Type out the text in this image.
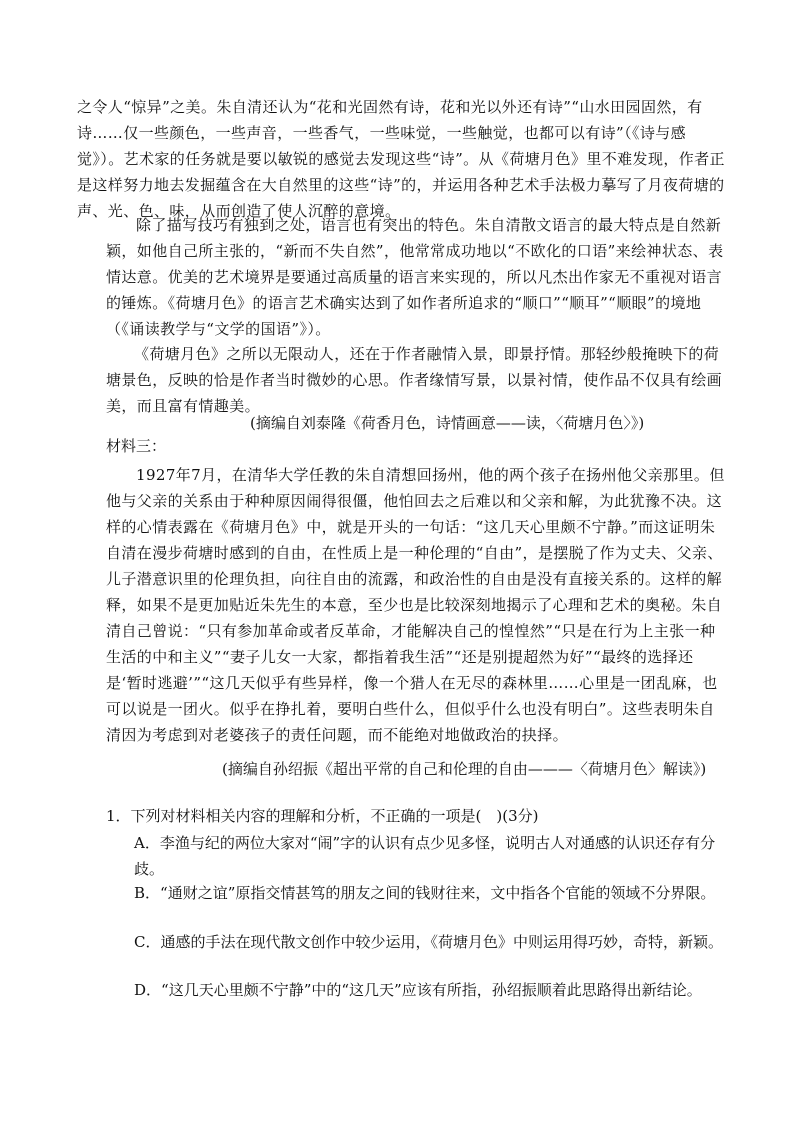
之令人“惊异”之美。朱自清还认为“花和光固然有诗，花和光以外还有诗”“山水田园固然，有诗……仅一些颜色，一些声音，一些香气，一些味觉，一些触觉，也都可以有诗”（《诗与感觉》）。艺术家的任务就是要以敏锐的感觉去发现这些“诗”。从《荷塘月色》里不难发现，作者正是这样努力地去发掘蕴含在大自然里的这些“诗”的，并运用各种艺术手法极力摹写了月夜荷塘的声、光、色、味，从而创造了使人沉醉的意境。

除了描写技巧有独到之处，语言也有突出的特色。朱自清散文语言的最大特点是自然新颖，如他自己所主张的，“新而不失自然”，他常常成功地以“不欧化的口语”来绘神状态、表情达意。优美的艺术境界是要通过高质量的语言来实现的，所以凡杰出作家无不重视对语言的锤炼。《荷塘月色》的语言艺术确实达到了如作者所追求的“顺口”“顺耳”“顺眼”的境地（《诵读教学与“文学的国语”》）。

《荷塘月色》之所以无限动人，还在于作者融情入景，即景抒情。那轻纱般掩映下的荷塘景色，反映的恰是作者当时微妙的心思。作者缘情写景，以景衬情，使作品不仅具有绘画美，而且富有情趣美。

(摘编自刘泰隆《荷香月色，诗情画意——读，〈荷塘月色〉》)

材料三：

1927年7月，在清华大学任教的朱自清想回扬州，他的两个孩子在扬州他父亲那里。但他与父亲的关系由于种种原因闹得很僵，他怕回去之后难以和父亲和解，为此犹豫不决。这样的心情表露在《荷塘月色》中，就是开头的一句话：“这几天心里颇不宁静。”而这证明朱自清在漫步荷塘时感到的自由，在性质上是一种伦理的“自由”，是摆脱了作为丈夫、父亲、儿子潜意识里的伦理负担，向往自由的流露，和政治性的自由是没有直接关系的。这样的解释，如果不是更加贴近朱先生的本意，至少也是比较深刻地揭示了心理和艺术的奥秘。朱自清自己曾说：“只有参加革命或者反革命，才能解决自己的惶惶然”“只是在行为上主张一种生活的中和主义”“妻子儿女一大家，都指着我生活”“还是别提超然为好”“最终的选择还是‘暂时逃避’”“这几天似乎有些异样，像一个猎人在无尽的森林里……心里是一团乱麻，也可以说是一团火。似乎在挣扎着，要明白些什么，但似乎什么也没有明白”。这些表明朱自清因为考虑到对老婆孩子的责任问题，而不能绝对地做政治的抉择。

(摘编自孙绍振《超出平常的自己和伦理的自由———〈荷塘月色〉解读》)

1．下列对材料相关内容的理解和分析，不正确的一项是(　)(3分)

A．李渔与纪的两位大家对“闹”字的认识有点少见多怪，说明古人对通感的认识还存有分歧。

B．“通财之谊”原指交情甚笃的朋友之间的钱财往来，文中指各个官能的领域不分界限。

C．通感的手法在现代散文创作中较少运用，《荷塘月色》中则运用得巧妙，奇特，新颖。

D．“这几天心里颇不宁静”中的“这几天”应该有所指，孙绍振顺着此思路得出新结论。
